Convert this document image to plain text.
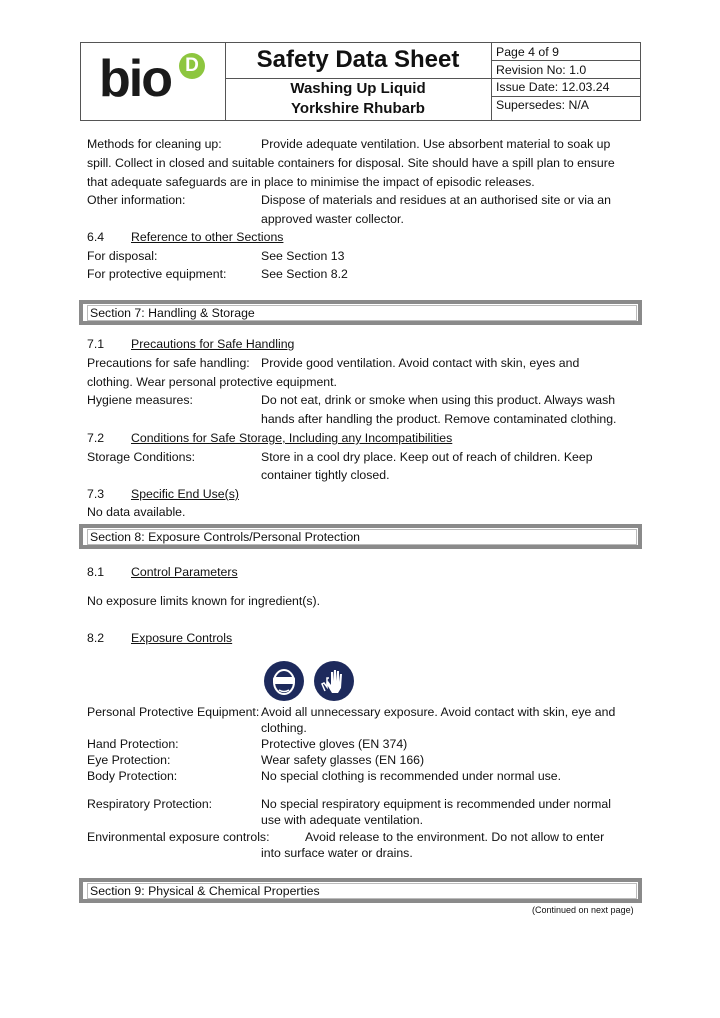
bio D	Safety Data Sheet
Washing Up Liquid
Yorkshire Rhubarb
Page 4 of 9
Revision No: 1.0
Issue Date: 12.03.24
Supersedes: N/A
Methods for cleaning up:	Provide adequate ventilation. Use absorbent material to soak up
spill. Collect in closed and suitable containers for disposal. Site should have a spill plan to ensure
that adequate safeguards are in place to minimise the impact of episodic releases.
Other information:	Dispose of materials and residues at an authorised site or via an
approved waster collector.
6.4 Reference to other Sections
For disposal:	See Section 13
For protective equipment:	See Section 8.2
Section 7: Handling & Storage
7.1 Precautions for Safe Handling
Precautions for safe handling: Provide good ventilation. Avoid contact with skin, eyes and
clothing. Wear personal protective equipment.
Hygiene measures:	Do not eat, drink or smoke when using this product. Always wash
hands after handling the product. Remove contaminated clothing.
7.2 Conditions for Safe Storage, Including any Incompatibilities
Storage Conditions:	Store in a cool dry place. Keep out of reach of children. Keep
container tightly closed.
7.3 Specific End Use(s)
No data available.
Section 8: Exposure Controls/Personal Protection
8.1 Control Parameters
No exposure limits known for ingredient(s).
8.2 Exposure Controls
Personal Protective Equipment: Avoid all unnecessary exposure. Avoid contact with skin, eye and
clothing.
Hand Protection:	Protective gloves (EN 374)
Eye Protection:	Wear safety glasses (EN 166)
Body Protection:	No special clothing is recommended under normal use.
Respiratory Protection:	No special respiratory equipment is recommended under normal
use with adequate ventilation.
Environmental exposure controls:	Avoid release to the environment. Do not allow to enter
into surface water or drains.
Section 9: Physical & Chemical Properties
(Continued on next page)
